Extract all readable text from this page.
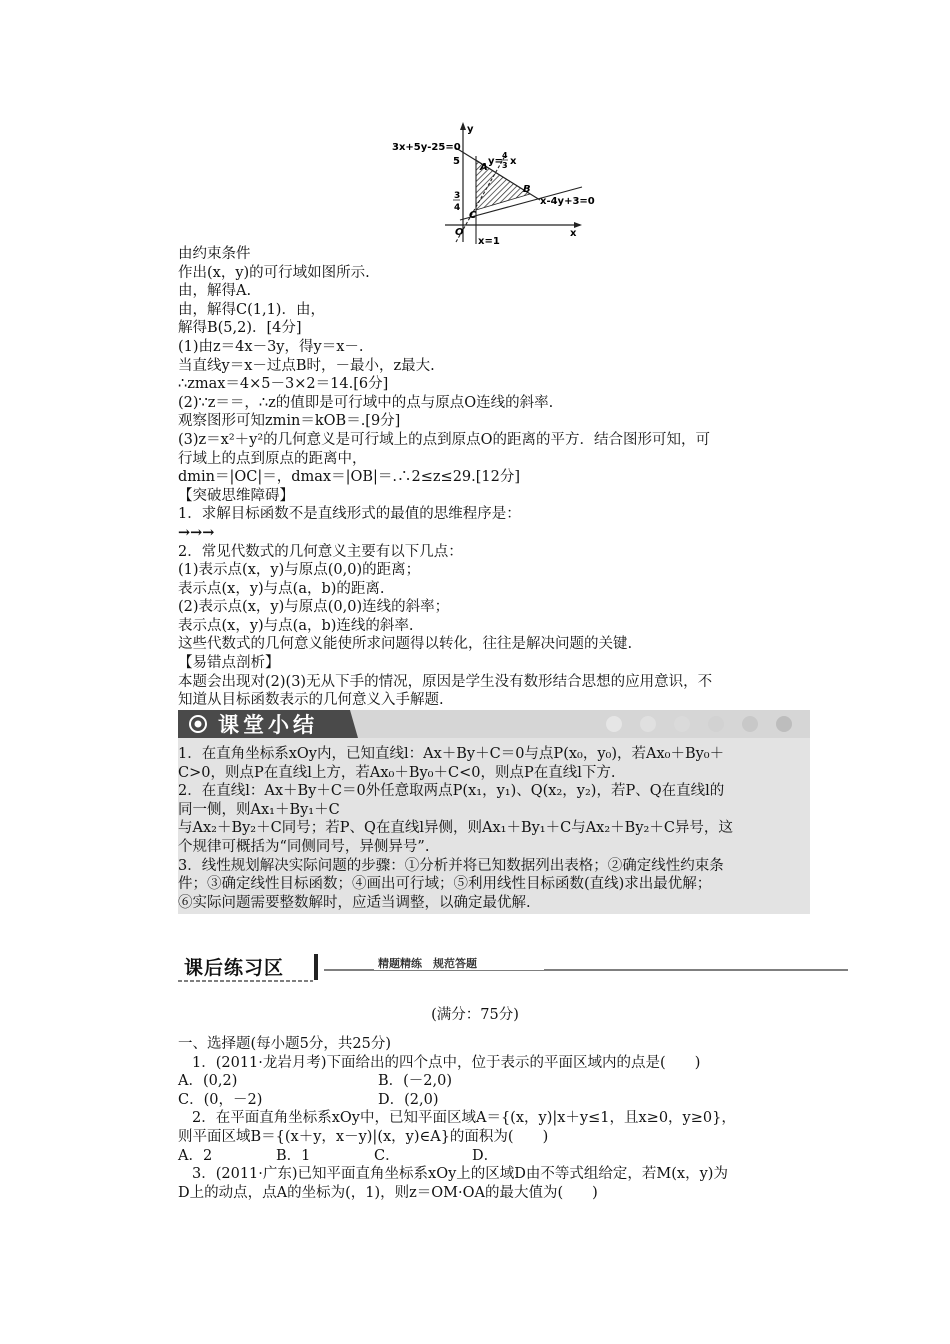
3x+5y-25=0
y=
4
3 x
x-4y+3=0
x=1
y
x
5
3
4
A
B
C
O
由约束条件
作出(x，y)的可行域如图所示.
由，解得A.
由，解得C(1,1)．由，
解得B(5,2)．[4分]
(1)由z＝4x－3y，得y＝x－.
当直线y＝x－过点B时，－最小，z最大.
∴zmax＝4×5－3×2＝14.[6分]
(2)∵z＝＝，∴z的值即是可行域中的点与原点O连线的斜率.
观察图形可知zmin＝kOB＝.[9分]
(3)z＝x²＋y²的几何意义是可行域上的点到原点O的距离的平方．结合图形可知，可
行域上的点到原点的距离中，
dmin＝|OC|＝，dmax＝|OB|＝.∴2≤z≤29.[12分]
【突破思维障碍】
1．求解目标函数不是直线形式的最值的思维程序是：
→→→
2．常见代数式的几何意义主要有以下几点：
(1)表示点(x，y)与原点(0,0)的距离；
表示点(x，y)与点(a，b)的距离.
(2)表示点(x，y)与原点(0,0)连线的斜率；
表示点(x，y)与点(a，b)连线的斜率.
这些代数式的几何意义能使所求问题得以转化，往往是解决问题的关键.
【易错点剖析】
本题会出现对(2)(3)无从下手的情况，原因是学生没有数形结合思想的应用意识，不
知道从目标函数表示的几何意义入手解题.
课堂小结
1．在直角坐标系xOy内，已知直线l：Ax＋By＋C＝0与点P(x₀，y₀)，若Ax₀＋By₀＋
C>0，则点P在直线l上方，若Ax₀＋By₀＋C<0，则点P在直线l下方.
2．在直线l：Ax＋By＋C＝0外任意取两点P(x₁，y₁)、Q(x₂，y₂)，若P、Q在直线l的
同一侧，则Ax₁＋By₁＋C
与Ax₂＋By₂＋C同号；若P、Q在直线l异侧，则Ax₁＋By₁＋C与Ax₂＋By₂＋C异号，这
个规律可概括为“同侧同号，异侧异号”.
3．线性规划解决实际问题的步骤：①分析并将已知数据列出表格；②确定线性约束条
件；③确定线性目标函数；④画出可行域；⑤利用线性目标函数(直线)求出最优解；
⑥实际问题需要整数解时，应适当调整，以确定最优解.
课后练习区	精题精练　规范答题
(满分：75分)
一、选择题(每小题5分，共25分)
1．(2011·龙岩月考)下面给出的四个点中，位于表示的平面区域内的点是(　　)
A．(0,2)	B．(－2,0)
C．(0，－2)	D．(2,0)
2．在平面直角坐标系xOy中，已知平面区域A＝{(x，y)|x＋y≤1，且x≥0，y≥0}，
则平面区域B＝{(x＋y，x－y)|(x，y)∈A}的面积为(　　)
A．2	B．1	C．	D．
3．(2011·广东)已知平面直角坐标系xOy上的区域D由不等式组给定，若M(x，y)为
D上的动点，点A的坐标为(，1)，则z＝OM·OA的最大值为(　　)
